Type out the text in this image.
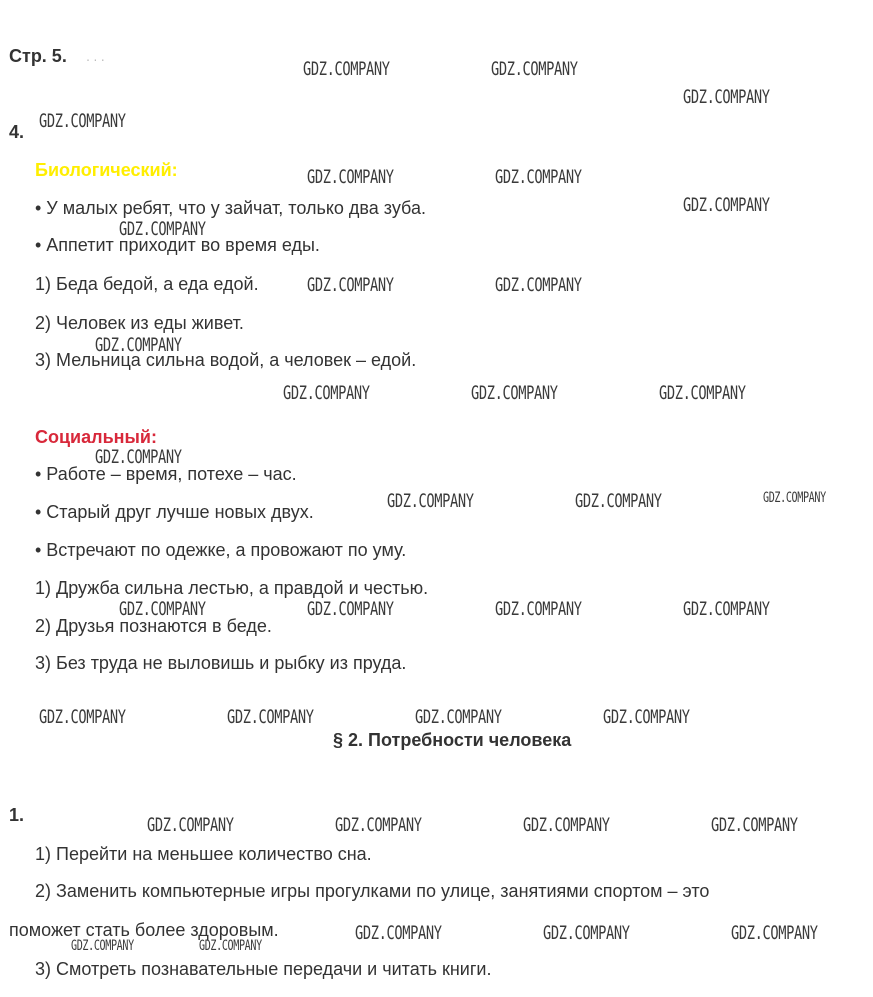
Стр. 5. ․ ․ ․
4.
Биологический:
• У малых ребят, что у зайчат, только два зуба.
• Аппетит приходит во время еды.
1) Беда бедой, а еда едой.
2) Человек из еды живет.
3) Мельница сильна водой, а человек – едой.
Социальный:
• Работе – время, потехе – час.
• Старый друг лучше новых двух.
• Встречают по одежке, а провожают по уму.
1) Дружба сильна лестью, а правдой и честью.
2) Друзья познаются в беде.
3) Без труда не выловишь и рыбку из пруда.
§ 2. Потребности человека
1.
1) Перейти на меньшее количество сна.
2) Заменить компьютерные игры прогулками по улице, занятиями спортом – это
поможет стать более здоровым.
3) Смотреть познавательные передачи и читать книги.
GDZ.COMPANY	GDZ.COMPANY
GDZ.COMPANY
GDZ.COMPANY
GDZ.COMPANY	GDZ.COMPANY
GDZ.COMPANY
GDZ.COMPANY
GDZ.COMPANY	GDZ.COMPANY
GDZ.COMPANY
GDZ.COMPANY	GDZ.COMPANY	GDZ.COMPANY
GDZ.COMPANY
GDZ.COMPANY	GDZ.COMPANY	GDZ.COMPANY
GDZ.COMPANY	GDZ.COMPANY	GDZ.COMPANY	GDZ.COMPANY
GDZ.COMPANY	GDZ.COMPANY	GDZ.COMPANY	GDZ.COMPANY
GDZ.COMPANY	GDZ.COMPANY	GDZ.COMPANY	GDZ.COMPANY
GDZ.COMPANY	GDZ.COMPANY	GDZ.COMPANY
GDZ.COMPANY	GDZ.COMPANY
